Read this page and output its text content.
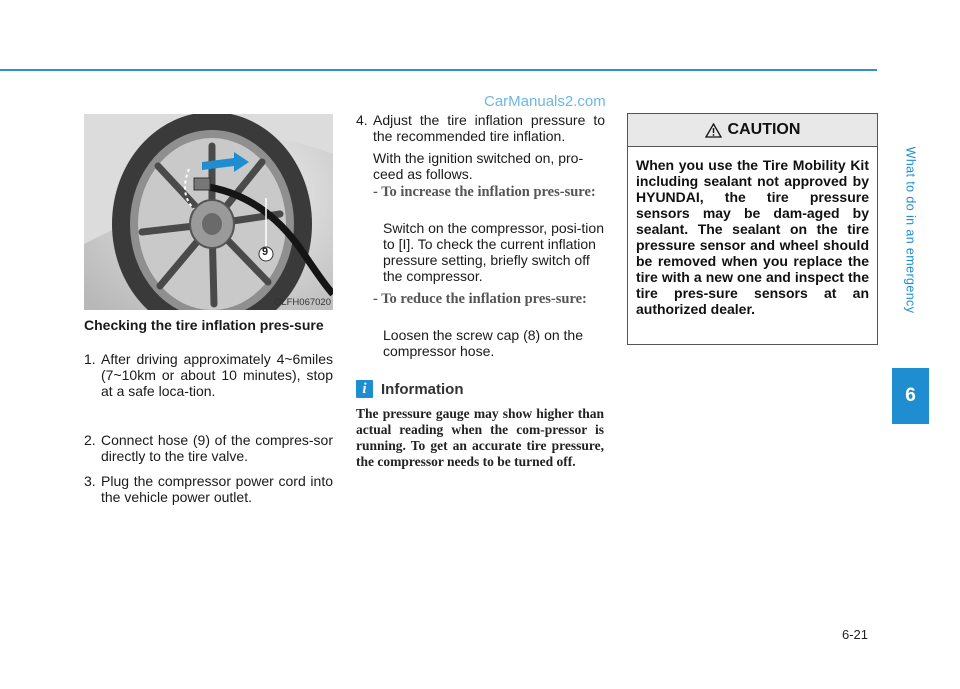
CarManuals2.com
What to do in an emergency
6
9
OLFH067020
Checking the tire inflation pres-sure
1. After driving approximately 4~6miles (7~10km or about 10 minutes), stop at a safe loca-tion.
2. Connect hose (9) of the compres-sor directly to the tire valve.
3. Plug the compressor power cord into the vehicle power outlet.
4. Adjust the tire inflation pressure to the recommended tire inflation.
With the ignition switched on, pro-ceed as follows.
- To increase the inflation pres-sure:
Switch on the compressor, posi-tion to [I]. To check the current inflation pressure setting, briefly switch off the compressor.
- To reduce the inflation pres-sure:
Loosen the screw cap (8) on the compressor hose.
i Information
The pressure gauge may show higher than actual reading when the com-pressor is running. To get an accurate tire pressure, the compressor needs to be turned off.
CAUTION
When you use the Tire Mobility Kit including sealant not approved by HYUNDAI, the tire pressure sensors may be dam-aged by sealant. The sealant on the tire pressure sensor and wheel should be removed when you replace the tire with a new one and inspect the tire pres-sure sensors at an authorized dealer.
6-21
